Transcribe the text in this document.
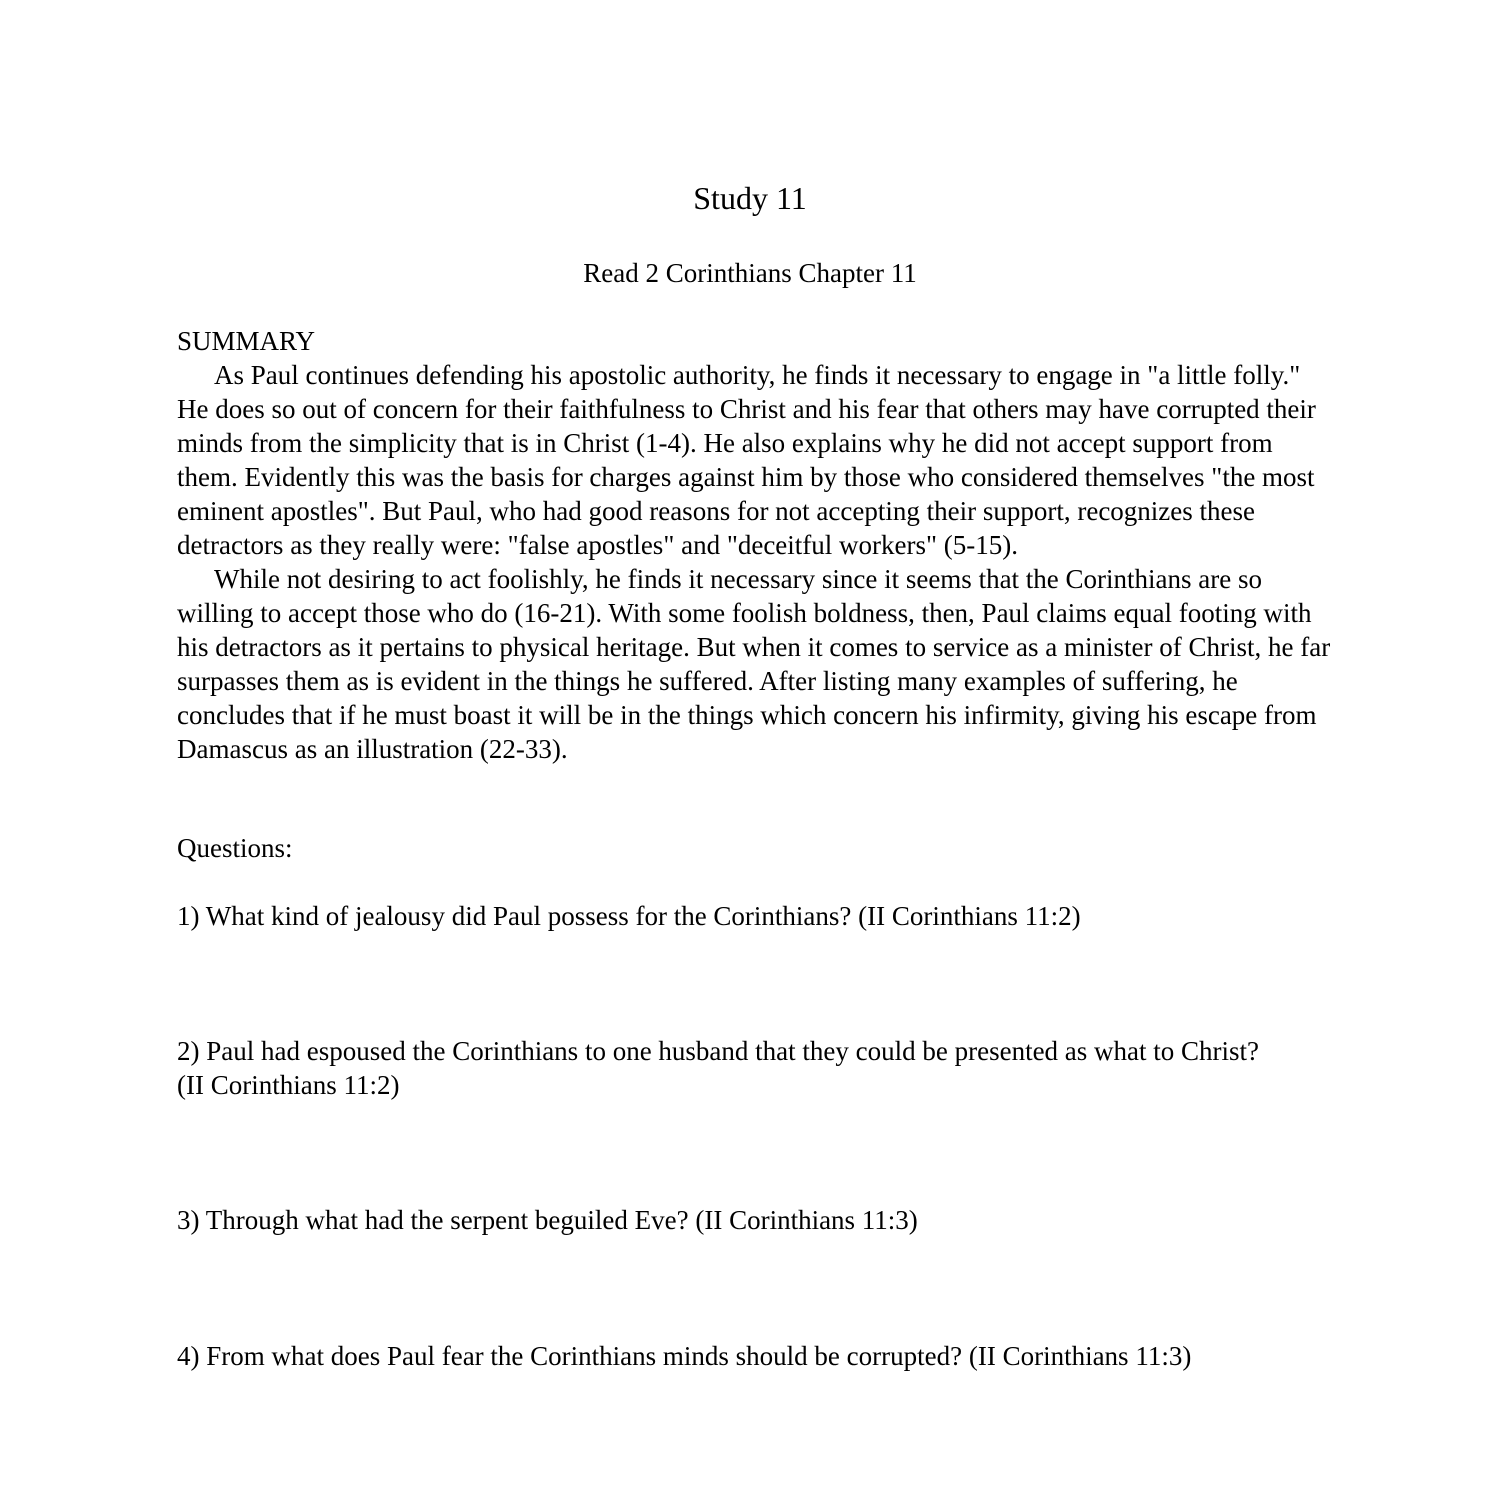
Study 11

Read 2 Corinthians Chapter 11

SUMMARY

As Paul continues defending his apostolic authority, he finds it necessary to engage in "a little folly." He does so out of concern for their faithfulness to Christ and his fear that others may have corrupted their minds from the simplicity that is in Christ (1-4). He also explains why he did not accept support from them. Evidently this was the basis for charges against him by those who considered themselves "the most eminent apostles". But Paul, who had good reasons for not accepting their support, recognizes these detractors as they really were: "false apostles" and "deceitful workers" (5-15).

While not desiring to act foolishly, he finds it necessary since it seems that the Corinthians are so willing to accept those who do (16-21). With some foolish boldness, then, Paul claims equal footing with his detractors as it pertains to physical heritage. But when it comes to service as a minister of Christ, he far surpasses them as is evident in the things he suffered. After listing many examples of suffering, he concludes that if he must boast it will be in the things which concern his infirmity, giving his escape from Damascus as an illustration (22-33).

Questions:

1) What kind of jealousy did Paul possess for the Corinthians? (II Corinthians 11:2)

2) Paul had espoused the Corinthians to one husband that they could be presented as what to Christ? (II Corinthians 11:2)

3) Through what had the serpent beguiled Eve? (II Corinthians 11:3)

4) From what does Paul fear the Corinthians minds should be corrupted? (II Corinthians 11:3)
